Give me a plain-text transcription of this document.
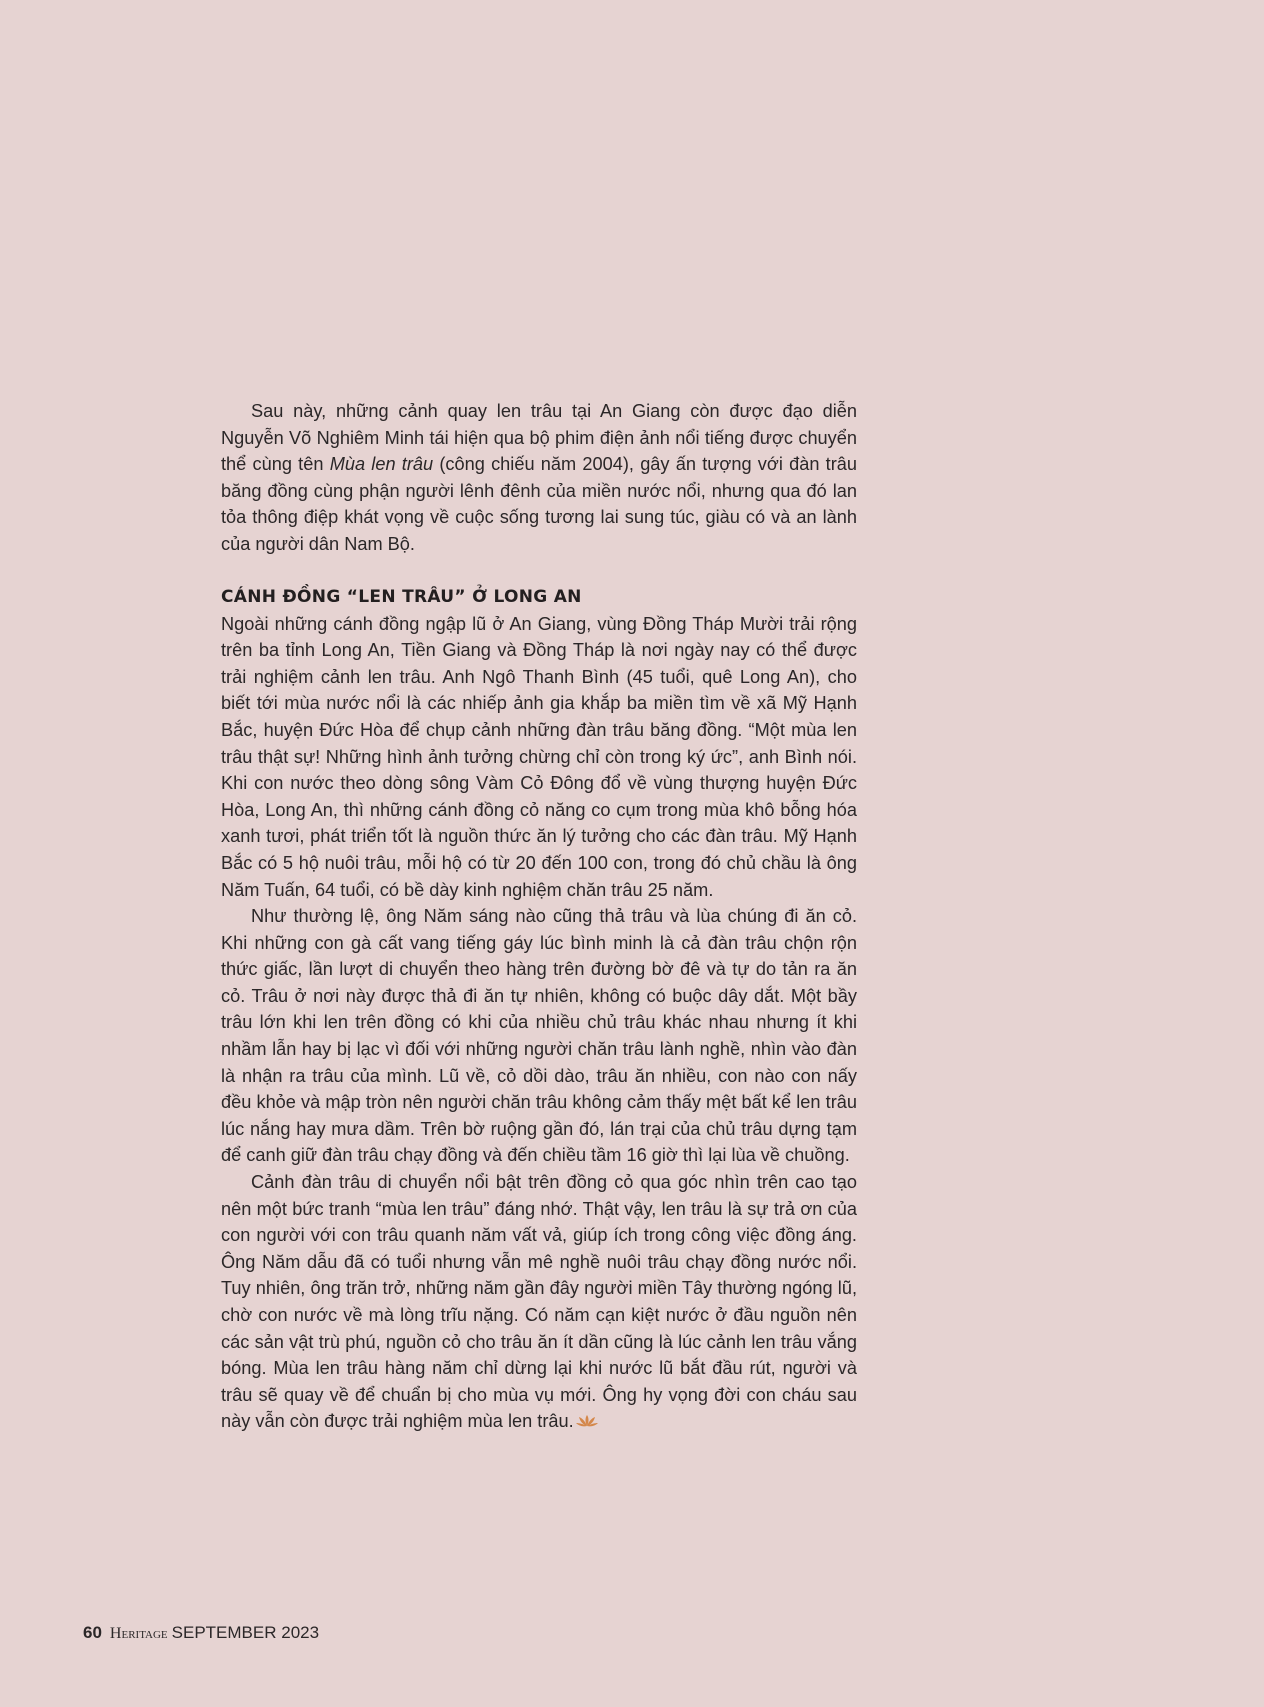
Sau này, những cảnh quay len trâu tại An Giang còn được đạo diễn Nguyễn Võ Nghiêm Minh tái hiện qua bộ phim điện ảnh nổi tiếng được chuyển thể cùng tên Mùa len trâu (công chiếu năm 2004), gây ấn tượng với đàn trâu băng đồng cùng phận người lênh đênh của miền nước nổi, nhưng qua đó lan tỏa thông điệp khát vọng về cuộc sống tương lai sung túc, giàu có và an lành của người dân Nam Bộ.

CÁNH ĐỒNG “LEN TRÂU” Ở LONG AN

Ngoài những cánh đồng ngập lũ ở An Giang, vùng Đồng Tháp Mười trải rộng trên ba tỉnh Long An, Tiền Giang và Đồng Tháp là nơi ngày nay có thể được trải nghiệm cảnh len trâu. Anh Ngô Thanh Bình (45 tuổi, quê Long An), cho biết tới mùa nước nổi là các nhiếp ảnh gia khắp ba miền tìm về xã Mỹ Hạnh Bắc, huyện Đức Hòa để chụp cảnh những đàn trâu băng đồng. “Một mùa len trâu thật sự! Những hình ảnh tưởng chừng chỉ còn trong ký ức”, anh Bình nói. Khi con nước theo dòng sông Vàm Cỏ Đông đổ về vùng thượng huyện Đức Hòa, Long An, thì những cánh đồng cỏ năng co cụm trong mùa khô bỗng hóa xanh tươi, phát triển tốt là nguồn thức ăn lý tưởng cho các đàn trâu. Mỹ Hạnh Bắc có 5 hộ nuôi trâu, mỗi hộ có từ 20 đến 100 con, trong đó chủ chầu là ông Năm Tuấn, 64 tuổi, có bề dày kinh nghiệm chăn trâu 25 năm.

Như thường lệ, ông Năm sáng nào cũng thả trâu và lùa chúng đi ăn cỏ. Khi những con gà cất vang tiếng gáy lúc bình minh là cả đàn trâu chộn rộn thức giấc, lần lượt di chuyển theo hàng trên đường bờ đê và tự do tản ra ăn cỏ. Trâu ở nơi này được thả đi ăn tự nhiên, không có buộc dây dắt. Một bầy trâu lớn khi len trên đồng có khi của nhiều chủ trâu khác nhau nhưng ít khi nhầm lẫn hay bị lạc vì đối với những người chăn trâu lành nghề, nhìn vào đàn là nhận ra trâu của mình. Lũ về, cỏ dồi dào, trâu ăn nhiều, con nào con nấy đều khỏe và mập tròn nên người chăn trâu không cảm thấy mệt bất kể len trâu lúc nắng hay mưa dầm. Trên bờ ruộng gần đó, lán trại của chủ trâu dựng tạm để canh giữ đàn trâu chạy đồng và đến chiều tầm 16 giờ thì lại lùa về chuồng.

Cảnh đàn trâu di chuyển nổi bật trên đồng cỏ qua góc nhìn trên cao tạo nên một bức tranh “mùa len trâu” đáng nhớ. Thật vậy, len trâu là sự trả ơn của con người với con trâu quanh năm vất vả, giúp ích trong công việc đồng áng. Ông Năm dẫu đã có tuổi nhưng vẫn mê nghề nuôi trâu chạy đồng nước nổi. Tuy nhiên, ông trăn trở, những năm gần đây người miền Tây thường ngóng lũ, chờ con nước về mà lòng trĩu nặng. Có năm cạn kiệt nước ở đầu nguồn nên các sản vật trù phú, nguồn cỏ cho trâu ăn ít dần cũng là lúc cảnh len trâu vắng bóng. Mùa len trâu hàng năm chỉ dừng lại khi nước lũ bắt đầu rút, người và trâu sẽ quay về để chuẩn bị cho mùa vụ mới. Ông hy vọng đời con cháu sau này vẫn còn được trải nghiệm mùa len trâu.

60 Heritage SEPTEMBER 2023
